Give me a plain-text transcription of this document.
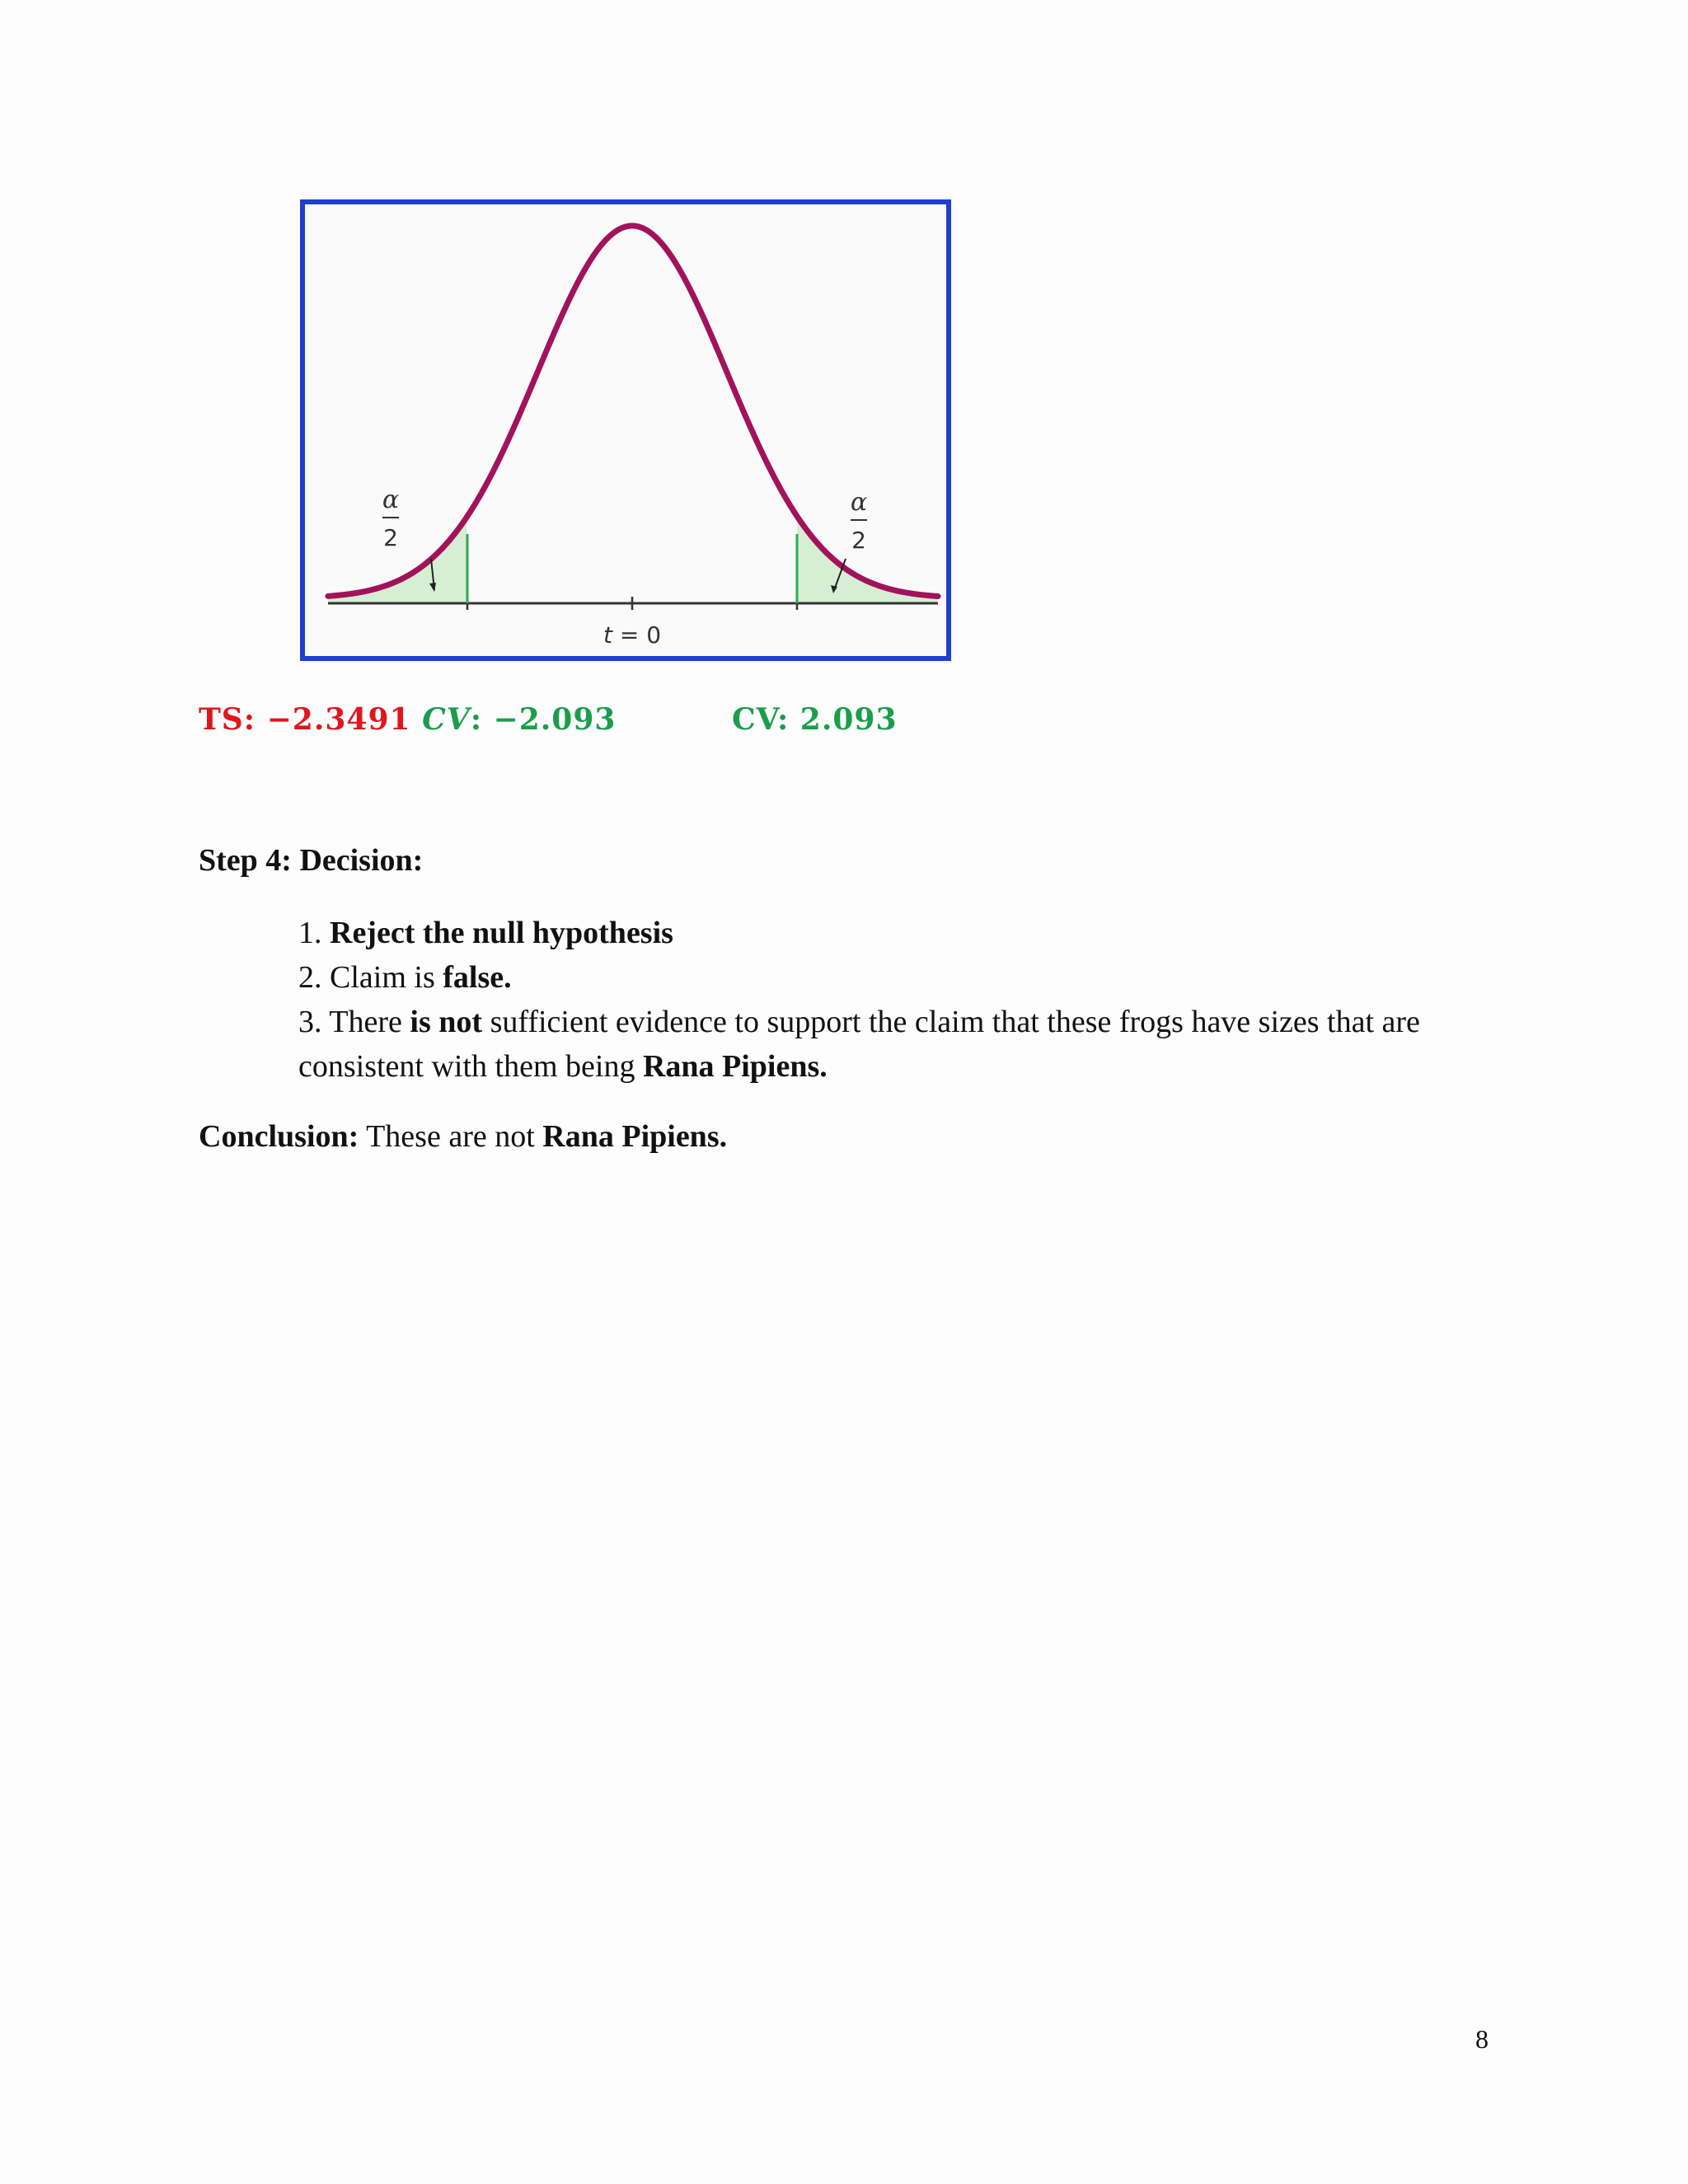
α
2
α
2
t = 0
TS: −2.3491 CV: −2.093	CV: 2.093
Step 4: Decision:
1. Reject the null hypothesis
2. Claim is false.
3. There is not sufficient evidence to support the claim that these frogs have sizes that are consistent with them being Rana Pipiens.
Conclusion: These are not Rana Pipiens.
8
